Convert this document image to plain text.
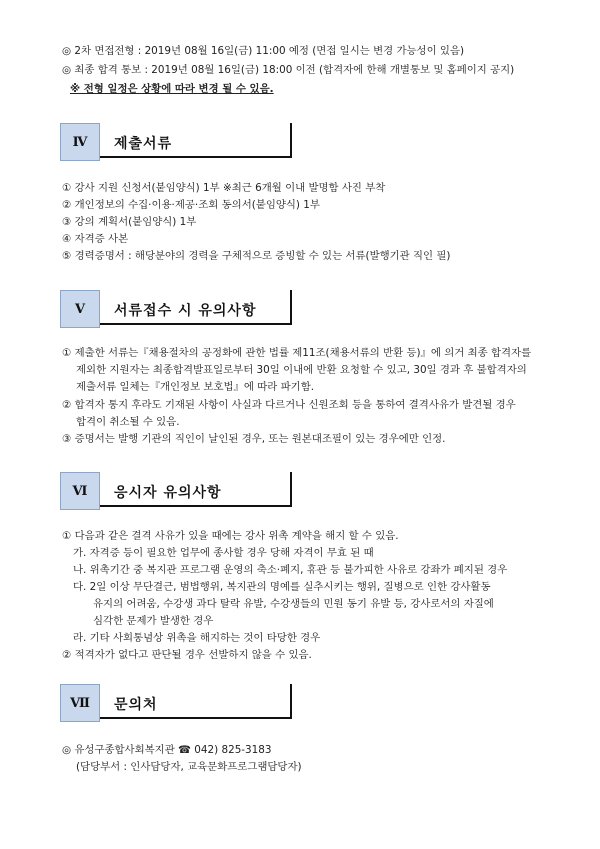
◎ 2차 면접전형 : 2019년 08월 16일(금) 11:00 예정 (면접 일시는 변경 가능성이 있음)
◎ 최종 합격 통보 : 2019년 08월 16일(금) 18:00 이전 (합격자에 한해 개별통보 및 홈페이지 공지)
※ 전형 일정은 상황에 따라 변경 될 수 있음.
Ⅳ	제출서류
① 강사 지원 신청서(붙임양식) 1부 ※최근 6개월 이내 발명함 사진 부착
② 개인정보의 수집·이용·제공·조회 동의서(붙임양식) 1부
③ 강의 계획서(붙임양식) 1부
④ 자격증 사본
⑤ 경력증명서 : 해당분야의 경력을 구체적으로 증빙할 수 있는 서류(발행기관 직인 필)
Ⅴ	서류접수 시 유의사항
① 제출한 서류는『채용절차의 공정화에 관한 법률 제11조(채용서류의 반환 등)』에 의거 최종 합격자를
제외한 지원자는 최종합격발표일로부터 30일 이내에 반환 요청할 수 있고, 30일 경과 후 불합격자의
제출서류 일체는『개인정보 보호법』에 따라 파기함.
② 합격자 통지 후라도 기재된 사항이 사실과 다르거나 신원조회 등을 통하여 결격사유가 발견될 경우
합격이 취소될 수 있음.
③ 증명서는 발행 기관의 직인이 날인된 경우, 또는 원본대조필이 있는 경우에만 인정.
Ⅵ	응시자 유의사항
① 다음과 같은 결격 사유가 있을 때에는 강사 위촉 계약을 해지 할 수 있음.
가. 자격증 등이 필요한 업무에 종사할 경우 당해 자격이 무효 된 때
나. 위촉기간 중 복지관 프로그램 운영의 축소·폐지, 휴관 등 불가피한 사유로 강좌가 폐지된 경우
다. 2일 이상 무단결근, 범법행위, 복지관의 명예를 실추시키는 행위, 질병으로 인한 강사활동
유지의 어려움, 수강생 과다 탈락 유발, 수강생들의 민원 동기 유발 등, 강사로서의 자질에
심각한 문제가 발생한 경우
라. 기타 사회통념상 위촉을 해지하는 것이 타당한 경우
② 적격자가 없다고 판단될 경우 선발하지 않을 수 있음.
Ⅶ	문의처
◎ 유성구종합사회복지관 ☎ 042) 825-3183
(담당부서 : 인사담당자, 교육문화프로그램담당자)
